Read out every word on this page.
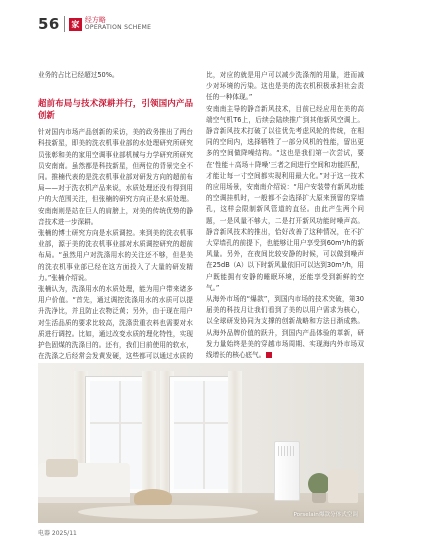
56	家 经方略
OPERATION SCHEME

业务的占比已经超过50%。

超前布局与技术深耕并行，引领国内产品创新

针对国内市场产品创新的采访，美的政务推出了两台科技新星，即美的洗衣机事业部的水处理研究所研究员张彰和美的家用空调事业部机械与力学研究所研究员安南南。虽然都是科技新星，但两位的背景完全不同。推楠代表的是洗衣机事业部对研发方向的超前布局——对于洗衣机产品来说，水质处理还没有得到用户的大范围关注，但张楠的研究方向正是水质处理。安南南则是站在巨人的肩膀上，对美的传统优势的静音技术进一步深耕。

张楠的博士研究方向是水质调控。来到美的洗衣机事业部，源于美的洗衣机事业部对水质调控研究的超前布局。“虽然用户对洗涤用水的关注还不够，但是美的洗衣机事业部已经在这方面投入了大量的研发精力。”张楠介绍说。

张楠认为，洗涤用水的水质处理，能为用户带来诸多用户价值。“首先，通过调控洗涤用水的水质可以提升洗净比，并且防止衣物泛黄；另外，由于现在用户对生活品质的要求比较高，洗涤贵重衣料也需要对水质进行调控。比如，通过改变水质的理化特性，实现护色固煤的洗涤目的。还有，我们目前使用的软水，在洗涤之后经常会发黄发硬，这些都可以通过水质的

比，对应的就是用户可以减少洗涤剂的用量，进而减少对环境的污染。这也是美的洗衣机积极承担社会责任的一种体现。”

安南南主导的静音新风技术，目前已经应用在美的高端空气机T6上，后续会陆续推广到其他新风空调上。静音新风技术打破了以往优先考虑风轮的传统，在相同的空间内，选择牺牲了一部分风机的性能，留出更多的空间做降噪结构。“这也是我们第一次尝试，要在‘性能＋高场＋降噪’三者之间进行空间和功能匹配，才能让每一寸空间都实现利用最大化。”对于这一技术的应用场景，安南南介绍说：“用户安装带有新风功能的空调挂机时，一般都不会选择扩大原来预留的穿墙孔，这样会限制新风管道的直径。由此产生两个问题，一是风量不够大，二是打开新风功能时噪声高。静音新风技术的推出，恰好改善了这种情况，在不扩大穿墙孔的前提下，也能够让用户享受到60m³/h的新风量。另外，在夜间比较安静的时候，可以做到噪声在25dB（A）以下时新风量依旧可以达到30m³/h，用户既能拥有安静的睡眠环境，还能享受到新鲜的空气。”

从海外市场的“爆款”，到国内市场的技术突破，第30届美的科技月让我们看到了美的以用户需求为核心，以全球研发协同为支撑的创新战略和方法日渐成熟。从海外品牌价值的跃升，到国内产品体验的革新，研发力量始终是美的穿越市场周期、实现海内外市场双线增长的核心底气。

Porselain爆款分体式空调
电器 2025/11
